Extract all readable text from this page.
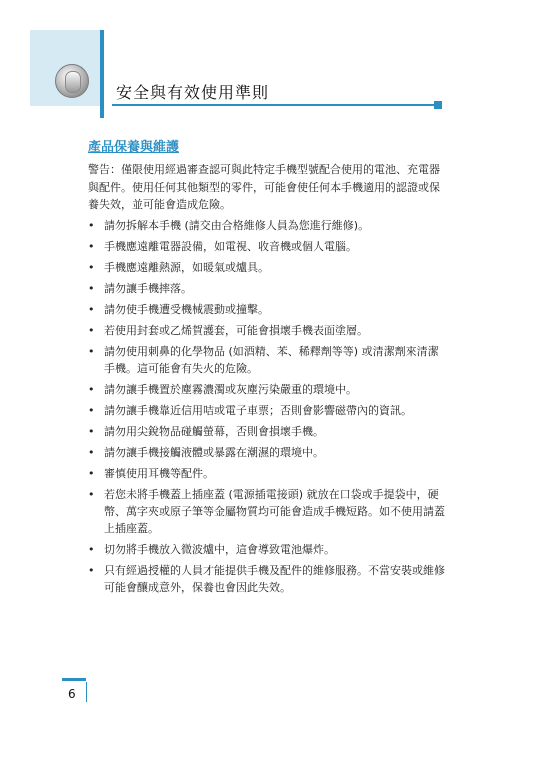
安全與有效使用準則
產品保養與維護

警告：僅限使用經過審查認可與此特定手機型號配合使用的電池、充電器與配件。使用任何其他類型的零件，可能會使任何本手機適用的認證或保養失效，並可能會造成危險。

• 請勿拆解本手機 (請交由合格維修人員為您進行維修)。
• 手機應遠離電器設備，如電視、收音機或個人電腦。
• 手機應遠離熱源，如暖氣或爐具。
• 請勿讓手機摔落。
• 請勿使手機遭受機械震動或撞擊。
• 若使用封套或乙烯賀護套，可能會損壞手機表面塗層。
• 請勿使用刺鼻的化學物品 (如酒精、苯、稀釋劑等等) 或清潔劑來清潔手機。這可能會有失火的危險。
• 請勿讓手機置於塵霧濃濁或灰塵污染嚴重的環境中。
• 請勿讓手機靠近信用咭或電子車票；否則會影響磁帶內的資訊。
• 請勿用尖銳物品碰觸螢幕，否則會損壞手機。
• 請勿讓手機接觸液體或暴露在潮濕的環境中。
• 審慎使用耳機等配件。
• 若您未將手機蓋上插座蓋 (電源插電接頭) 就放在口袋或手提袋中，硬幣、萬字夾或原子筆等金屬物質均可能會造成手機短路。如不使用請蓋上插座蓋。
• 切勿將手機放入微波爐中，這會導致電池爆炸。
• 只有經過授權的人員才能提供手機及配件的維修服務。不當安裝或維修可能會釀成意外，保養也會因此失效。
6
